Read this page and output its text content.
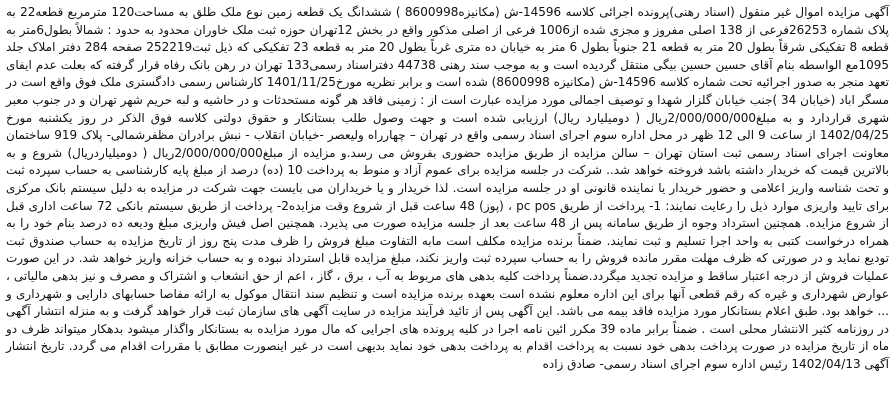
آگهی مزایده اموال غیر منقول (اسناد رهنی)پرونده اجرائی کلاسه 14596-ش (مکانیزه8600998 ) ششدانگ یک قطعه زمین نوع ملک طلق به مساحت120 مترمربع قطعه22 به پلاک شماره 26253فرعی از 138 اصلی مفروز و مجزی شده از1006 فرعی از اصلی مذکور واقع در بخش 12تهران حوزه ثبت ملک خاوران محدود به حدود : شمالاً بطول6متر به قطعه 8 تفکیکی شرقاً بطول 20 متر به قطعه 21 جنوباً بطول 6 متر به خیابان ده متری غرباً بطول 20 متر به قطعه 23 تفکیکی که ذیل ثبت252219 صفحه 284 دفتر املاک جلد 1095مع الواسطه بنام آقای حسین حسین بیگی منتقل گردیده است و به موجب سند رهنی 44738 دفتراسناد رسمی133 تهران در رهن بانک رفاه قرار گرفته که بعلت عدم ایفای تعهد منجر به صدور اجرائیه تحت شماره کلاسه 14596-ش (مکانیزه 8600998) شده است و برابر نظریه مورخ1401/11/25 کارشناس رسمی دادگستری ملک فوق واقع است در مسگر اباد (خیابان 34 )جنب خیابان گلزار شهدا و توصیف اجمالی مورد مزایده عبارت است از : زمینی فاقد هر گونه مستحدثات و در حاشیه و لبه حریم شهر تهران و در جنوب معبر شهری قراردارد و به مبلغ2/000/000/000ریال ( دومیلیارد ریال) ارزیابی شده است و جهت وصول طلب بستانکار و حقوق دولتی کلاسه فوق الذکر در روز یکشنبه مورخ 1402/04/25 از ساعت 9 الی 12 ظهر در محل اداره سوم اجرای اسناد رسمی واقع در تهران – چهارراه ولیعصر -خیابان انقلاب - نبش برادران مظفرشمالی- پلاک 919 ساختمان معاونت اجرای اسناد رسمی ثبت استان تهران – سالن مزایده از طریق مزایده حضوری بفروش می رسد.و مزایده از مبلغ2/000/000/000ریال ( دومیلیاردریال) شروع و به بالاترین قیمت که خریدار داشته باشد فروخته خواهد شد.. شرکت در جلسه مزایده برای عموم آزاد و منوط به پرداخت 10 (ده) درصد از مبلغ پایه کارشناسی به حساب سپرده ثبت و تحت شناسه واریز اعلامی و حضور خریدار یا نماینده قانونی او در جلسه مزایده است. لذا خریدار و یا خریداران می بایست جهت شرکت در مزایده به دلیل سیستم بانک مرکزی برای تایید واریزی موارد ذیل را رعایت نمایند: 1- پرداخت از طریق pc pos ، (پوز) 48 ساعت قبل از شروع وقت مزایده2- پرداخت از طریق سیستم بانکی 72 ساعت اداری قبل از شروع مزایده. همچنین استرداد وجوه از طریق سامانه پس از 48 ساعت بعد از جلسه مزایده صورت می پذیرد. همچنین اصل فیش واریزی مبلغ ودیعه ده درصد بنام خود را به همراه درخواست کتبی به واحد اجرا تسلیم و ثبت نمایند. ضمناً برنده مزایده مکلف است مابه التفاوت مبلغ فروش را ظرف مدت پنج روز از تاریخ مزایده به حساب صندوق ثبت تودیع نماید و در صورتی که ظرف مهلت مقرر مانده فروش را به حساب سپرده ثبت واریز نکند، مبلغ مزایده قابل استرداد نبوده و به حساب خزانه واریز خواهد شد. در این صورت عملیات فروش از درجه اعتبار ساقط و مزایده تجدید میگردد.ضمناً پرداخت کلیه بدهی های مربوط به آب ، برق ، گاز ، اعم از حق انشعاب و اشتراک و مصرف و نیز بدهی مالیاتی ، عوارض شهرداری و غیره که رقم قطعی آنها برای این اداره معلوم نشده است بعهده برنده مزایده است و تنظیم سند انتقال موکول به ارائه مفاصا حسابهای دارایی و شهرداری و ... خواهد بود. طبق اعلام بستانکار مورد مزایده فاقد بیمه می باشد. این آگهی پس از تائید فرآیند مزایده در سایت آگهی های سازمان ثبت قرار خواهد گرفت و به منزله انتشار آگهی در روزنامه کثیر الانتشار محلی است . ضمناً برابر ماده 39 مکرر ائین نامه اجرا در کلیه پرونده های اجرایی که مال مورد مزایده به بستانکار واگذار میشود بدهکار میتواند ظرف دو ماه از تاریخ مزایده در صورت پرداخت بدهی خود نسبت به پرداخت اقدام به پرداخت بدهی خود نماید بدیهی است در غیر اینصورت مطابق با مقررات اقدام می گردد. تاریخ انتشار آگهی 1402/04/13 رئیس اداره سوم اجرای اسناد رسمی- صادق زاده
